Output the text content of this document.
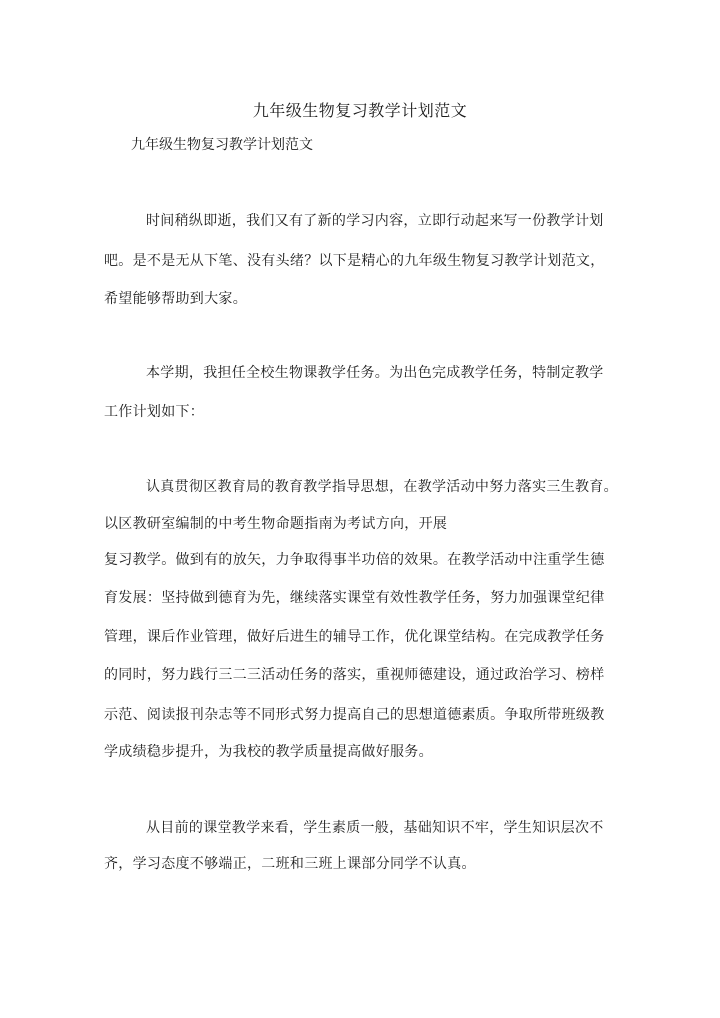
九年级生物复习教学计划范文
九年级生物复习教学计划范文
时间稍纵即逝，我们又有了新的学习内容，立即行动起来写一份教学计划
吧。是不是无从下笔、没有头绪？以下是精心的九年级生物复习教学计划范文，
希望能够帮助到大家。
本学期，我担任全校生物课教学任务。为出色完成教学任务，特制定教学
工作计划如下：
认真贯彻区教育局的教育教学指导思想，在教学活动中努力落实三生教育。
以区教研室编制的中考生物命题指南为考试方向，开展
复习教学。做到有的放矢，力争取得事半功倍的效果。在教学活动中注重学生德
育发展：坚持做到德育为先，继续落实课堂有效性教学任务，努力加强课堂纪律
管理，课后作业管理，做好后进生的辅导工作，优化课堂结构。在完成教学任务
的同时，努力践行三二三活动任务的落实，重视师德建设，通过政治学习、榜样
示范、阅读报刊杂志等不同形式努力提高自己的思想道德素质。争取所带班级教
学成绩稳步提升，为我校的教学质量提高做好服务。
从目前的课堂教学来看，学生素质一般，基础知识不牢，学生知识层次不
齐，学习态度不够端正，二班和三班上课部分同学不认真。
